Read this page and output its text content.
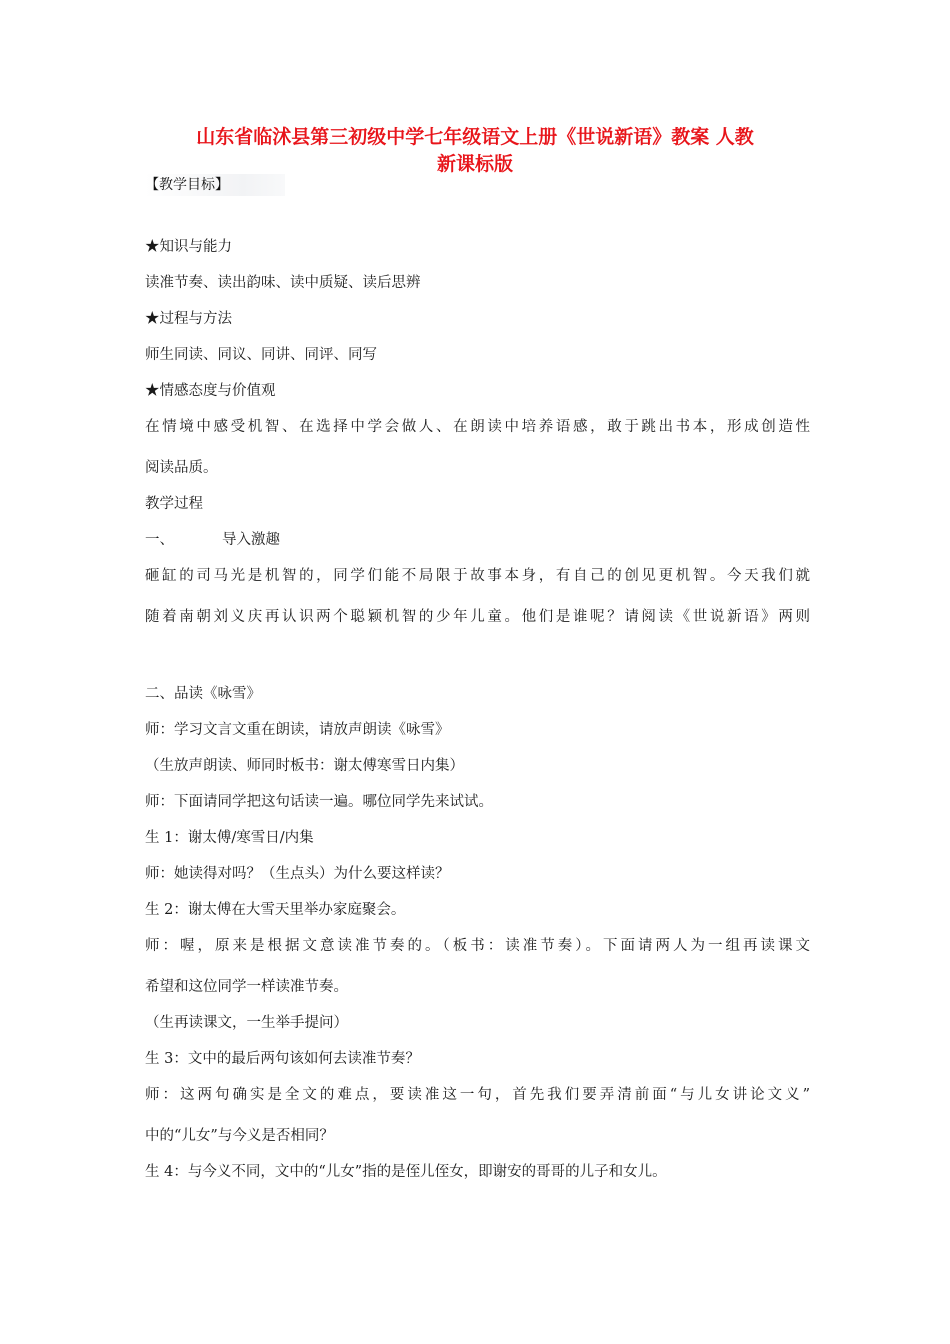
山东省临沭县第三初级中学七年级语文上册《世说新语》教案 人教
新课标版
【教学目标】
★知识与能力
读准节奏、读出韵味、读中质疑、读后思辨
★过程与方法
师生同读、同议、同讲、同评、同写
★情感态度与价值观
在情境中感受机智、在选择中学会做人、在朗读中培养语感，敢于跳出书本，形成创造性
阅读品质。
教学过程
一、	导入激趣
砸缸的司马光是机智的，同学们能不局限于故事本身，有自己的创见更机智。今天我们就
随着南朝刘义庆再认识两个聪颖机智的少年儿童。他们是谁呢？请阅读《世说新语》两则
二、品读《咏雪》
师：学习文言文重在朗读，请放声朗读《咏雪》
（生放声朗读、师同时板书：谢太傅寒雪日内集）
师：下面请同学把这句话读一遍。哪位同学先来试试。
生 1：谢太傅/寒雪日/内集
师：她读得对吗？（生点头）为什么要这样读？
生 2：谢太傅在大雪天里举办家庭聚会。
师：喔，原来是根据文意读准节奏的。（板书：读准节奏）。下面请两人为一组再读课文
希望和这位同学一样读准节奏。
（生再读课文，一生举手提问）
生 3：文中的最后两句该如何去读准节奏？
师：这两句确实是全文的难点，要读准这一句，首先我们要弄清前面“与儿女讲论文义”
中的“儿女”与今义是否相同？
生 4：与今义不同，文中的“儿女”指的是侄儿侄女，即谢安的哥哥的儿子和女儿。
